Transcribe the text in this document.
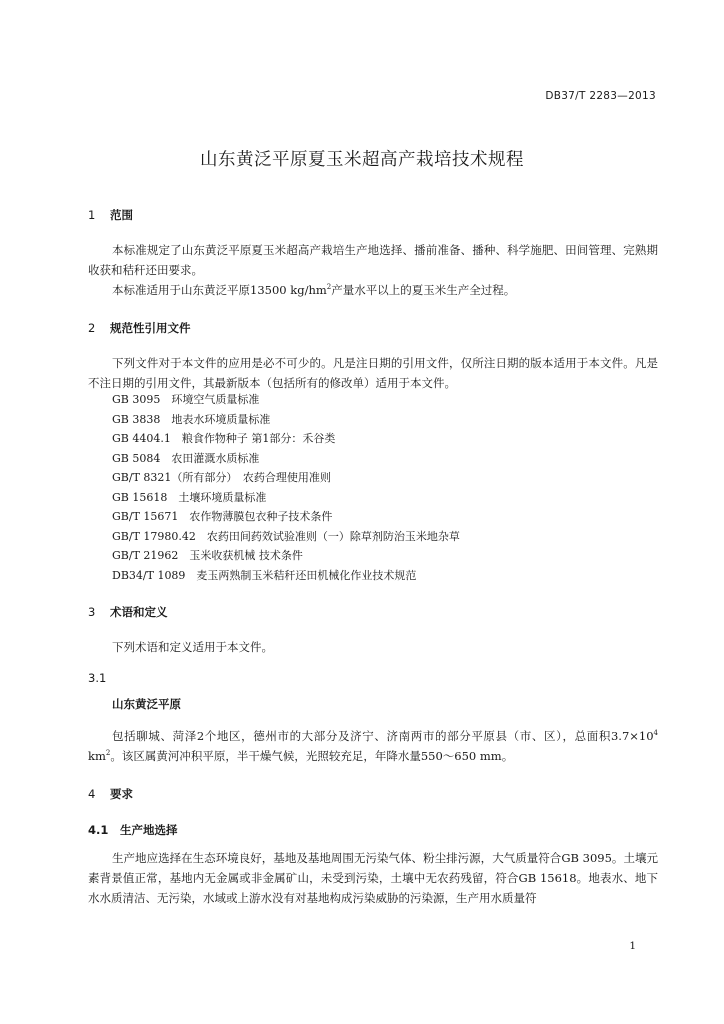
DB37/T 2283—2013
山东黄泛平原夏玉米超高产栽培技术规程
1 范围

本标准规定了山东黄泛平原夏玉米超高产栽培生产地选择、播前准备、播种、科学施肥、田间管理、完熟期收获和秸秆还田要求。

本标准适用于山东黄泛平原13500 $kg/hm^2$产量水平以上的夏玉米生产全过程。

2 规范性引用文件

下列文件对于本文件的应用是必不可少的。凡是注日期的引用文件，仅所注日期的版本适用于本文件。凡是不注日期的引用文件，其最新版本（包括所有的修改单）适用于本文件。

GB 3095　环境空气质量标准
GB 3838　地表水环境质量标准
GB 4404.1　粮食作物种子 第1部分：禾谷类
GB 5084　农田灌溉水质标准
GB/T 8321（所有部分）　农药合理使用准则
GB 15618　土壤环境质量标准
GB/T 15671　农作物薄膜包衣种子技术条件
GB/T 17980.42　农药田间药效试验准则（一）除草剂防治玉米地杂草
GB/T 21962　玉米收获机械 技术条件
DB34/T 1089　麦玉两熟制玉米秸秆还田机械化作业技术规范
3 术语和定义

下列术语和定义适用于本文件。

3.1
山东黄泛平原

包括聊城、菏泽2个地区，德州市的大部分及济宁、济南两市的部分平原县（市、区），总面积$3.7\times 10^4$ $km^2$。该区属黄河冲积平原，半干燥气候，光照较充足，年降水量550～650 mm。

4 要求
4.1 生产地选择

生产地应选择在生态环境良好，基地及基地周围无污染气体、粉尘排污源，大气质量符合GB 3095。土壤元素背景值正常，基地内无金属或非金属矿山，未受到污染，土壤中无农药残留，符合GB 15618。地表水、地下水水质清洁、无污染，水域或上游水没有对基地构成污染威胁的污染源，生产用水质量符

1
